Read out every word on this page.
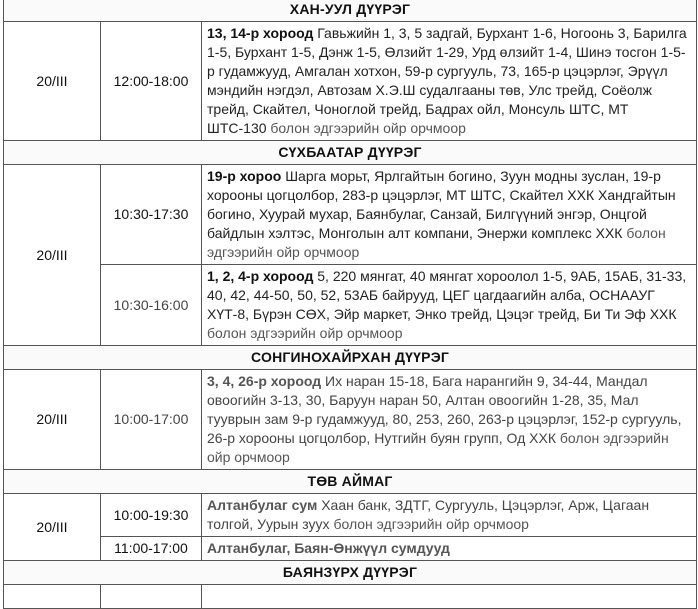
ХАН-УУЛ ДҮҮРЭГ		
20/III	12:00-18:00	13, 14-р хороод Гавьжийн 1, 3, 5 задгай, Бурхант 1-6, Ногоонь 3, Барилга 1-5, Бурхант 1-5, Дэнж 1-5, Өлзийт 1-29, Урд өлзийт 1-4, Шинэ тосгон 1-5-р гудамжууд, Амгалан хотхон, 59-р сургууль, 73, 165-р цэцэрлэг, Эрүүл мэндийн нэгдэл, Автозам Х.Э.Ш судалгааны төв, Улс трейд, Соёолж трейд, Скайтел, Чоноглой трейд, Бадрах ойл, Монсуль ШТС, МТ ШТС-130 болон эдгээрийн ойр орчмоор
СҮХБААТАР ДҮҮРЭГ		
20/III	10:30-17:30	19-р хороо Шарга морьт, Ярлгайтын богино, Зуун модны зуслан, 19-р хорооны цогцолбор, 283-р цэцэрлэг, МТ ШТС, Скайтел ХХК Хандгайтын богино, Хуурай мухар, Баянбулаг, Санзай, Билгүүний энгэр, Онцгой байдлын хэлтэс, Монголын алт компани, Энержи комплекс ХХК болон эдгээрийн ойр орчмоор
	10:30-16:00	1, 2, 4-р хороод 5, 220 мянгат, 40 мянгат хороолол 1-5, 9АБ, 15АБ, 31-33, 40, 42, 44-50, 50, 52, 53АБ байрууд, ЦЕГ цагдаагийн алба, ОСНААУГ ХҮТ-8, Бүрэн СӨХ, Эйр маркет, Энко трейд, Цэцэг трейд, Би Ти Эф ХХК болон эдгээрийн ойр орчмоор
СОНГИНОХАЙРХАН ДҮҮРЭГ		
20/III	10:00-17:00	3, 4, 26-р хороод Их наран 15-18, Бага нарангийн 9, 34-44, Мандал овоогийн 3-13, 30, Баруун наран 50, Алтан овоогийн 1-28, 35, Мал тууврын зам 9-р гудамжууд, 80, 253, 260, 263-р цэцэрлэг, 152-р сургууль, 26-р хорооны цогцолбор, Нутгийн буян групп, Од ХХК болон эдгээрийн ойр орчмоор
ТӨВ АЙМАГ		
20/III	10:00-19:30	Алтанбулаг сум Хаан банк, ЗДТГ, Сургууль, Цэцэрлэг, Арж, Цагаан толгой, Уурын зуух болон эдгээрийн ойр орчмоор
	11:00-17:00	Алтанбулаг, Баян-Өнжүүл сумдууд
БАЯНЗҮРХ ДҮҮРЭГ		
